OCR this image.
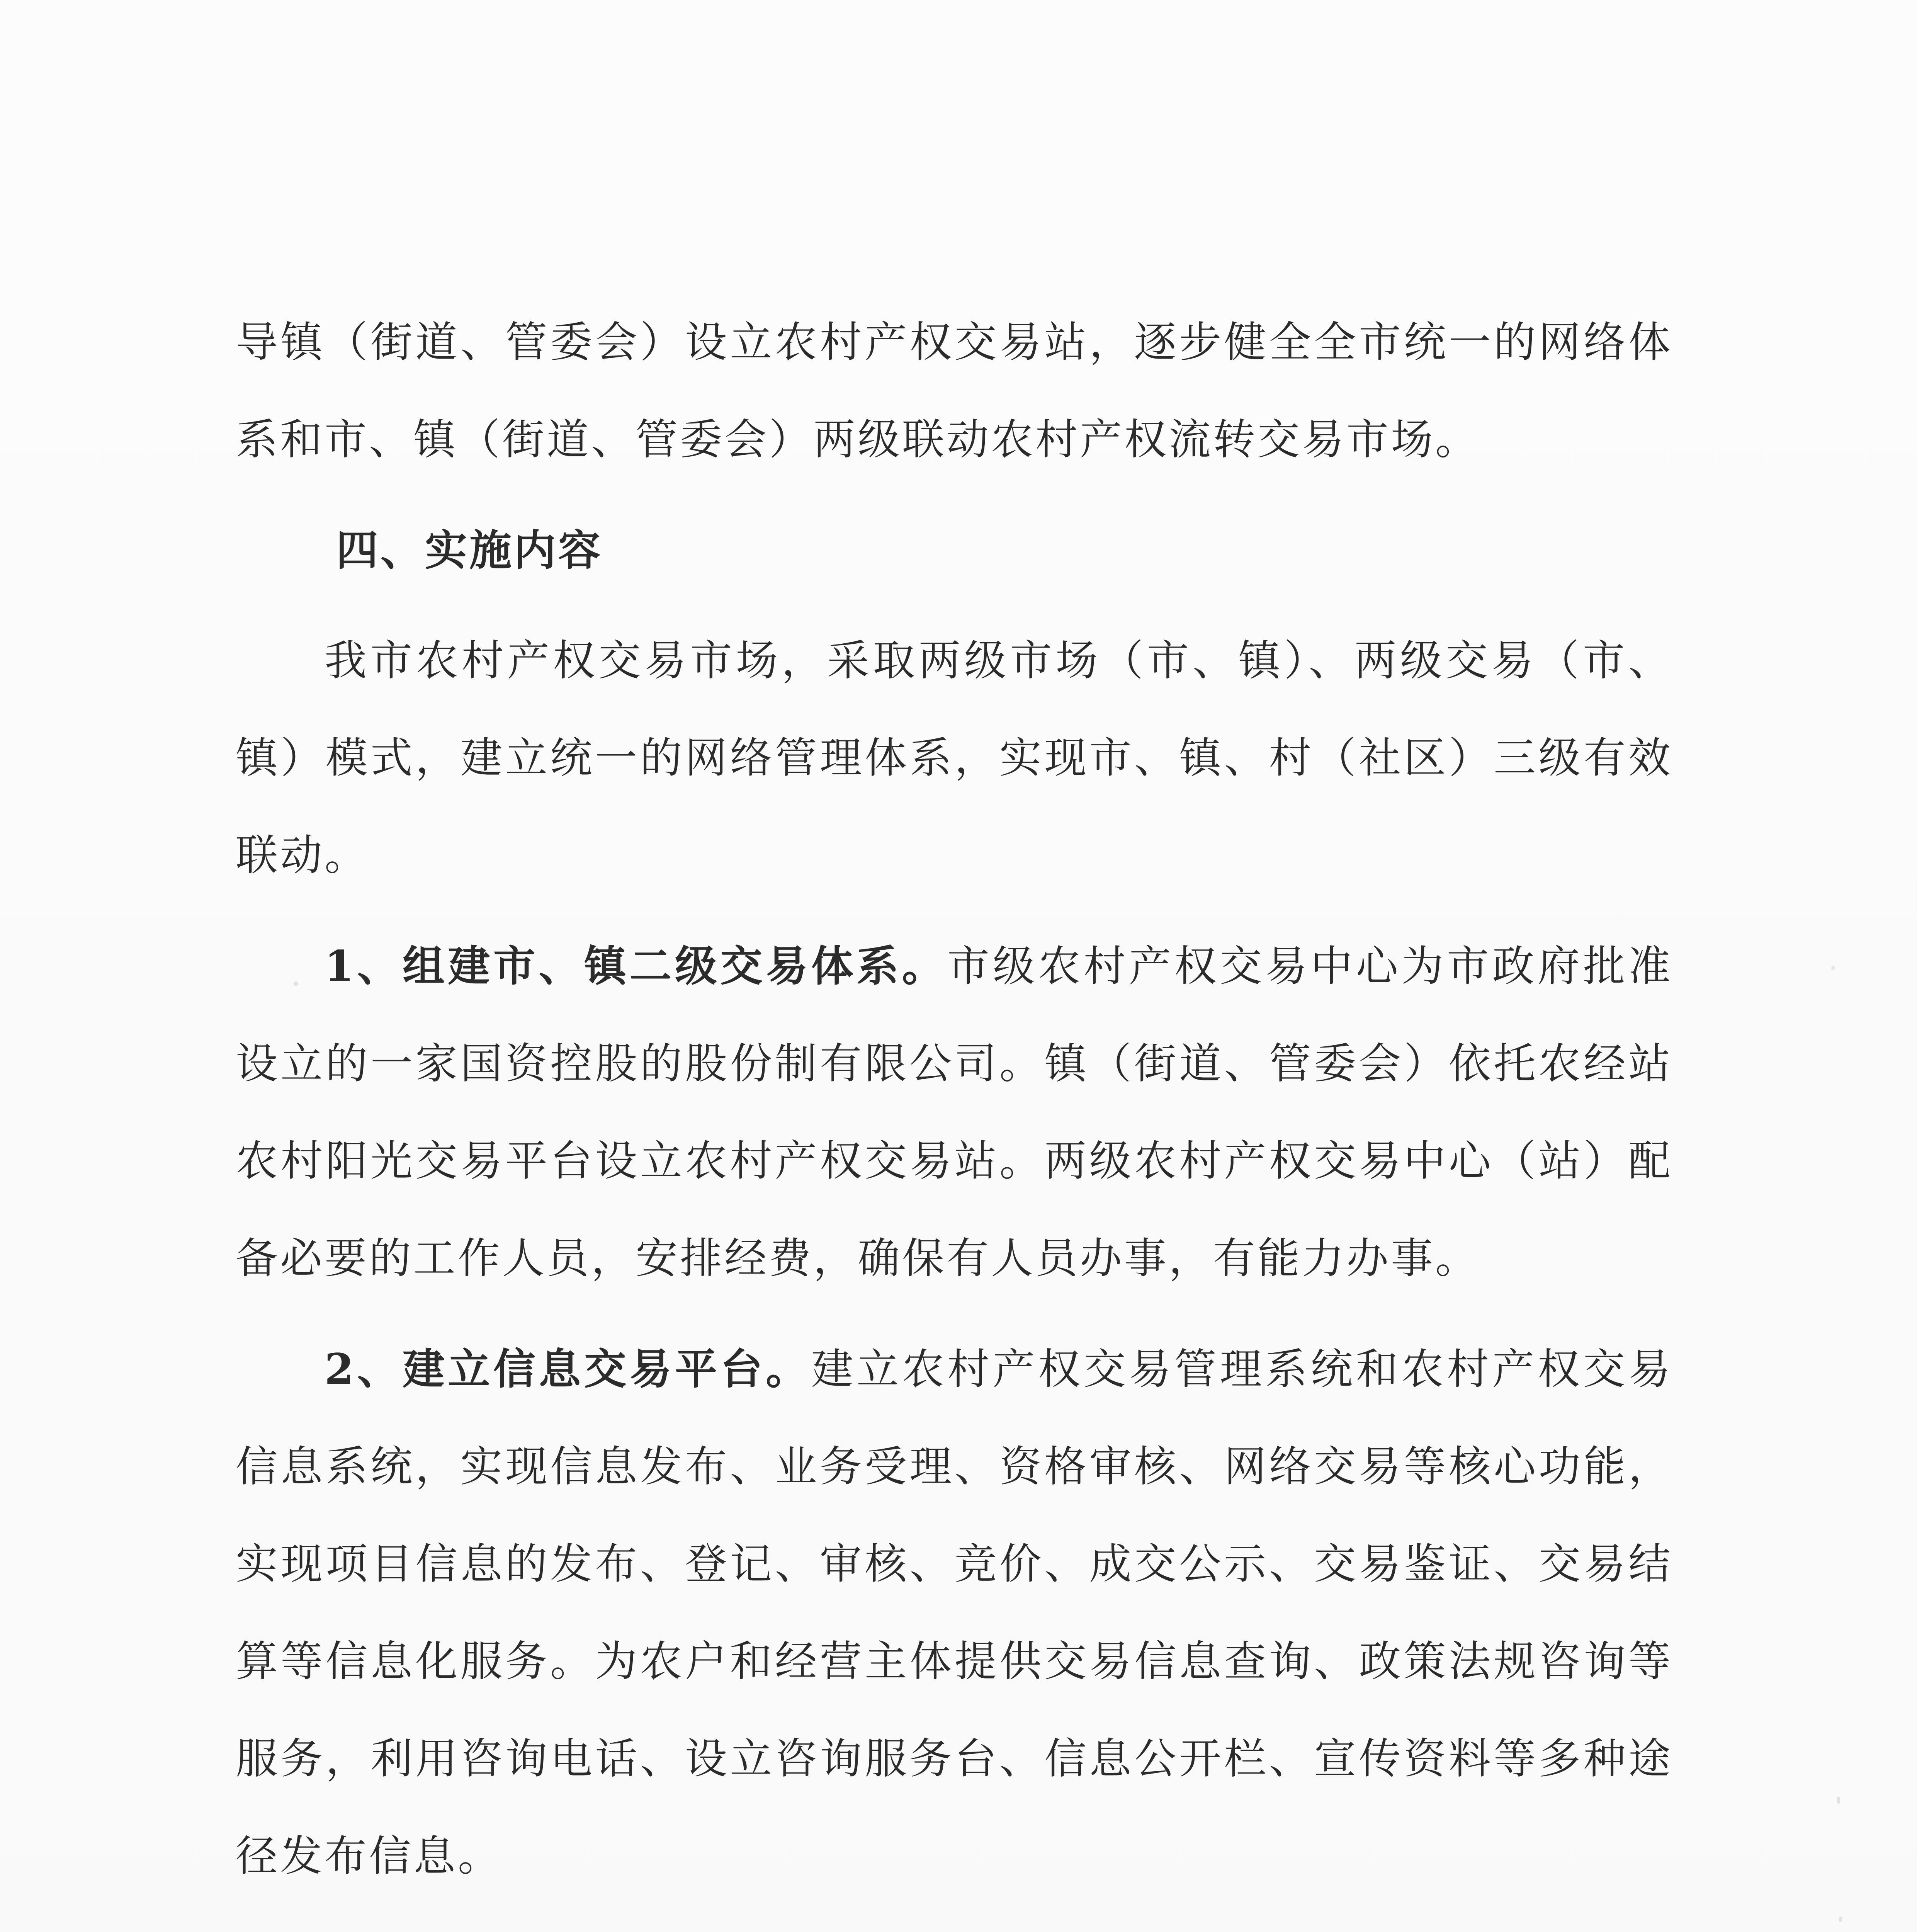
导镇（街道、管委会）设立农村产权交易站，逐步健全全市统一的网络体系和市、镇（街道、管委会）两级联动农村产权流转交易市场。

四、实施内容

我市农村产权交易市场，采取两级市场（市、镇）、两级交易（市、镇）模式，建立统一的网络管理体系，实现市、镇、村（社区）三级有效联动。

1、组建市、镇二级交易体系。市级农村产权交易中心为市政府批准设立的一家国资控股的股份制有限公司。镇（街道、管委会）依托农经站农村阳光交易平台设立农村产权交易站。两级农村产权交易中心（站）配备必要的工作人员，安排经费，确保有人员办事，有能力办事。

2、建立信息交易平台。建立农村产权交易管理系统和农村产权交易信息系统，实现信息发布、业务受理、资格审核、网络交易等核心功能，实现项目信息的发布、登记、审核、竞价、成交公示、交易鉴证、交易结算等信息化服务。为农户和经营主体提供交易信息查询、政策法规咨询等服务，利用咨询电话、设立咨询服务台、信息公开栏、宣传资料等多种途径发布信息。
